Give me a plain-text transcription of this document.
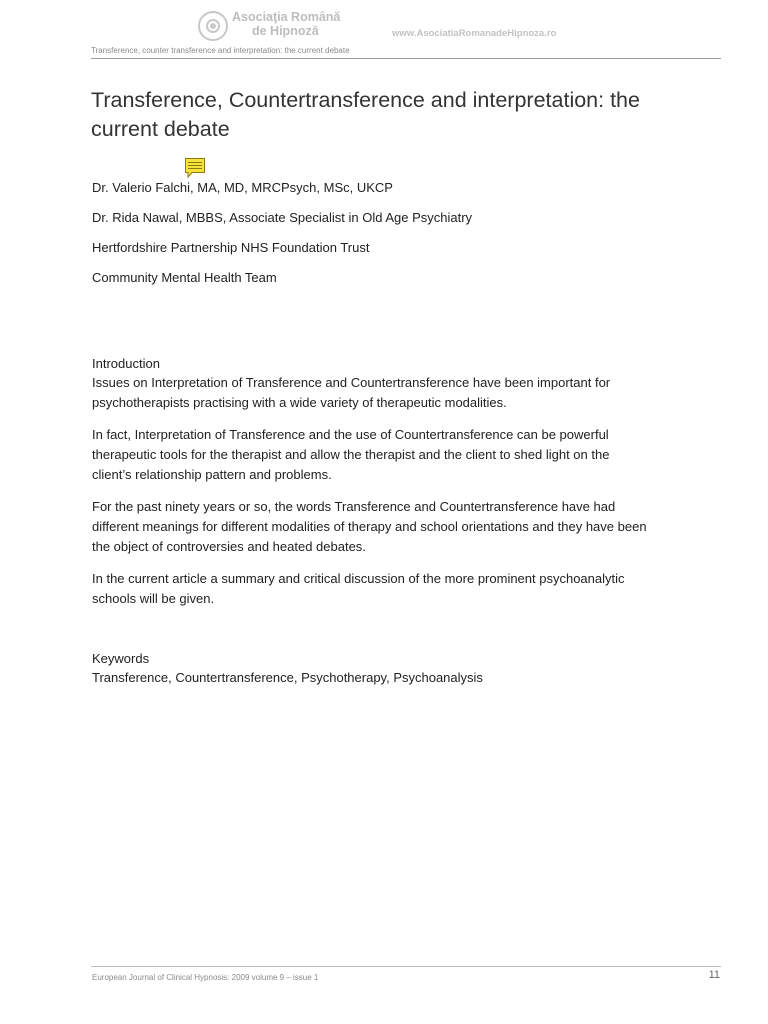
Asociaţia Română
de Hipnoză	www.AsociatiaRomanadeHipnoza.ro
Transference, counter transference and interpretation: the current debate
Transference, Countertransference and interpretation: the current debate
Dr. Valerio Falchi, MA, MD, MRCPsych, MSc, UKCP
Dr. Rida Nawal, MBBS, Associate Specialist in Old Age Psychiatry
Hertfordshire Partnership NHS Foundation Trust
Community Mental Health Team
Introduction

Issues on Interpretation of Transference and Countertransference have been important for psychotherapists practising with a wide variety of therapeutic modalities.

In fact, Interpretation of Transference and the use of Countertransference can be powerful therapeutic tools for the therapist and allow the therapist and the client to shed light on the client’s relationship pattern and problems.

For the past ninety years or so, the words Transference and Countertransference have had different meanings for different modalities of therapy and school orientations and they have been the object of controversies and heated debates.

In the current article a summary and critical discussion of the more prominent psychoanalytic schools will be given.

Keywords
Transference, Countertransference, Psychotherapy, Psychoanalysis
European Journal of Clinical Hypnosis: 2009 volume 9 – issue 1	11
